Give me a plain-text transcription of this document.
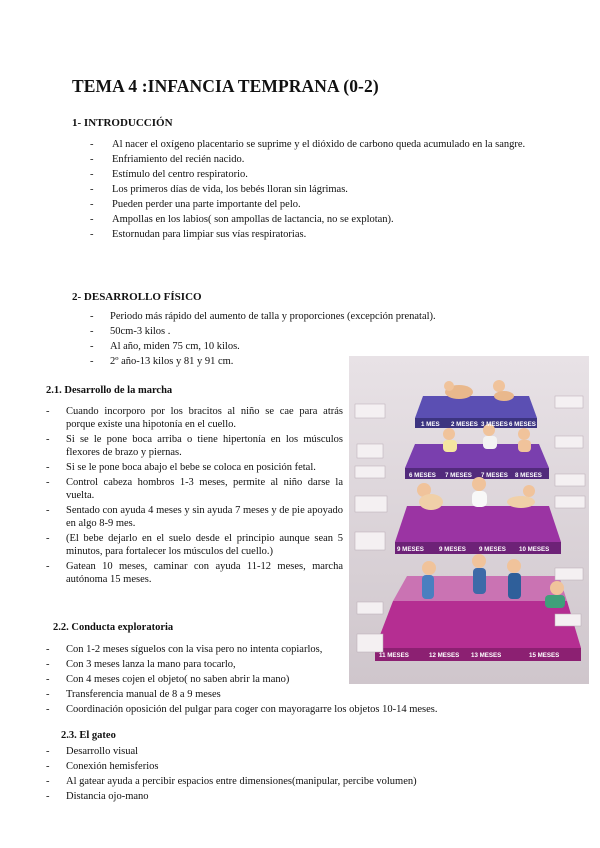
TEMA 4 :INFANCIA TEMPRANA (0-2)
1- INTRODUCCIÓN
- Al nacer el oxígeno placentario se suprime y el dióxido de carbono queda acumulado en la sangre.
- Enfriamiento del recién nacido.
- Estímulo del centro respiratorio.
- Los primeros días de vida, los bebés lloran sin lágrimas.
- Pueden perder una parte importante del pelo.
- Ampollas en los labios( son ampollas de lactancia, no se explotan).
- Estornudan para limpiar sus vías respiratorias.
2- DESARROLLO FÍSICO
- Periodo más rápido del aumento de talla y proporciones (excepción prenatal).
- 50cm-3 kilos .
- Al año, miden 75 cm, 10 kilos.
- 2º año-13 kilos y 81 y 91 cm.
2.1. Desarrollo de la marcha
- Cuando incorporo por los bracitos al niño se cae para atrás porque existe una hipotonía en el cuello.
- Si se le pone boca arriba o tiene hipertonía en los músculos flexores de brazo y piernas.
- Si se le pone boca abajo el bebe se coloca en posición fetal.
- Control cabeza hombros 1-3 meses, permite al niño darse la vuelta.
- Sentado con ayuda 4 meses y sin ayuda 7 meses y de pie apoyado en algo 8-9 mes.
- (El bebe dejarlo en el suelo desde el principio aunque sean 5 minutos, para fortalecer los músculos del cuello.)
- Gatean 10 meses, caminar con ayuda 11-12 meses, marcha autónoma 15 meses.
1 MES 2 MESES 3 MESES 6 MESES
6 MESES 7 MESES 7 MESES 8 MESES
9 MESES 9 MESES 9 MESES 10 MESES
11 MESES	12 MESES 13 MESES	15 MESES
2.2. Conducta exploratoria
- Con 1-2 meses síguelos con la visa pero no intenta copiarlos,
- Con 3 meses lanza la mano para tocarlo,
- Con 4 meses cojen el objeto( no saben abrir la mano)
- Transferencia manual de 8 a 9 meses
- Coordinación oposición del pulgar para coger con mayoragarre los objetos 10-14 meses.
2.3. El gateo
- Desarrollo visual
- Conexión hemisferios
- Al gatear ayuda a percibir espacios entre dimensiones(manipular, percibe volumen)
- Distancia ojo-mano
